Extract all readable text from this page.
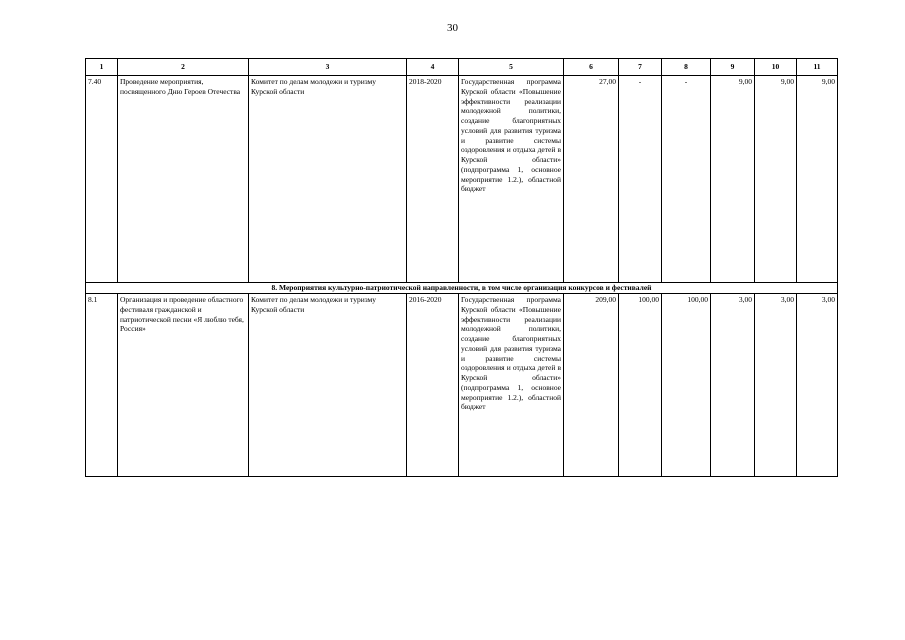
30
1	2	3	4	5	6	7	8	9	10	11
7.40	Проведение мероприятия, посвященного Дню Героев Отечества	Комитет по делам молодежи и туризму Курской области	2018-2020	Государственная программа Курской области «Повышение эффективности реализации молодежной политики, создание благоприятных условий для развития туризма и развитие системы оздоровления и отдыха детей в Курской области» (подпрограмма 1, основное мероприятие 1.2.), областной бюджет	27,00	-	-	9,00	9,00	9,00
8. Мероприятия культурно-патриотической направленности, в том числе организация конкурсов и фестивалей										
8.1	Организация и проведение областного фестиваля гражданской и патриотической песни «Я люблю тебя, Россия»	Комитет по делам молодежи и туризму Курской области	2016-2020	Государственная программа Курской области «Повышение эффективности реализации молодежной политики, создание благоприятных условий для развития туризма и развитие системы оздоровления и отдыха детей в Курской области» (подпрограмма 1, основное мероприятие 1.2.), областной бюджет	209,00	100,00	100,00	3,00	3,00	3,00
